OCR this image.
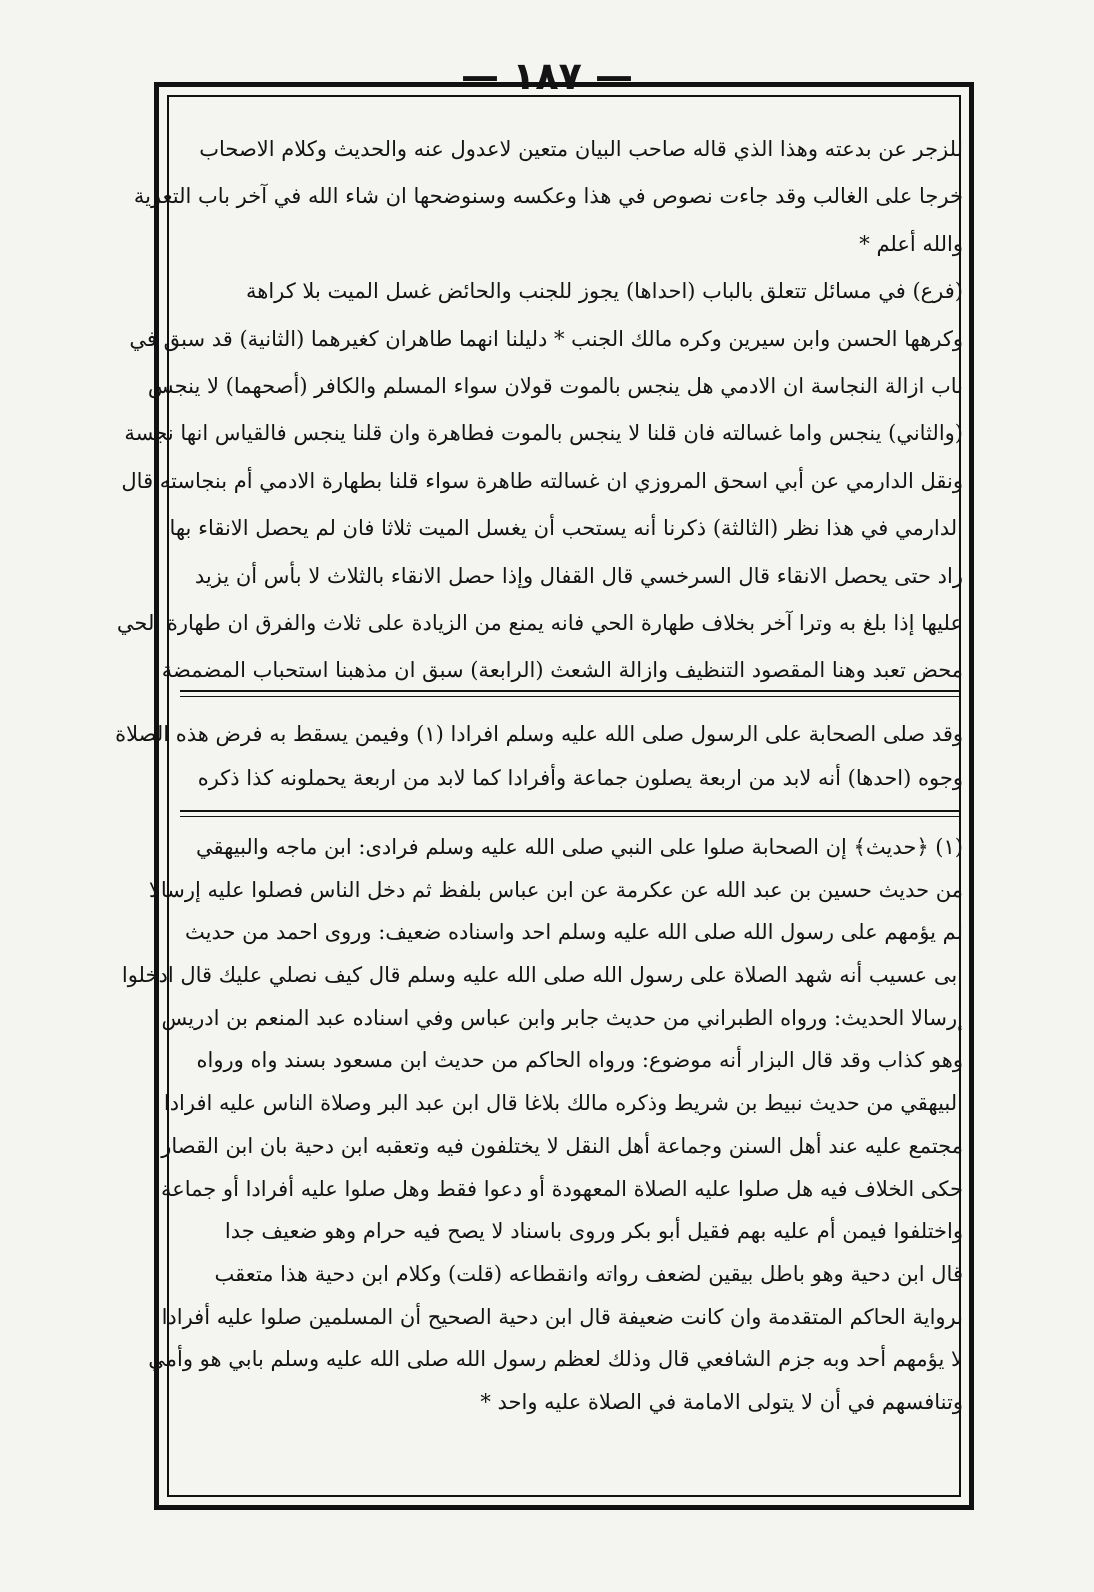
— ١٨٧ —

للزجر عن بدعته وهذا الذي قاله صاحب البيان متعين لاعدول عنه والحديث وكلام الاصحاب

خرجا على الغالب وقد جاءت نصوص في هذا وعكسه وسنوضحها ان شاء الله في آخر باب التعزية

والله أعلم *

(فرع) في مسائل تتعلق بالباب (احداها) يجوز للجنب والحائض غسل الميت بلا كراهة

وكرهها الحسن وابن سيرين وكره مالك الجنب * دليلنا انهما طاهران كغيرهما (الثانية) قد سبق في

باب ازالة النجاسة ان الادمي هل ينجس بالموت قولان سواء المسلم والكافر (أصحهما) لا ينجس

(والثاني) ينجس واما غسالته فان قلنا لا ينجس بالموت فطاهرة وان قلنا ينجس فالقياس انها نجسة

ونقل الدارمي عن أبي اسحق المروزي ان غسالته طاهرة سواء قلنا بطهارة الادمي أم بنجاسته قال

الدارمي في هذا نظر (الثالثة) ذكرنا أنه يستحب أن يغسل الميت ثلاثا فان لم يحصل الانقاء بها

زاد حتى يحصل الانقاء قال السرخسي قال القفال وإذا حصل الانقاء بالثلاث لا بأس أن يزيد

عليها إذا بلغ به وترا آخر بخلاف طهارة الحي فانه يمنع من الزيادة على ثلاث والفرق ان طهارة الحي

محض تعبد وهنا المقصود التنظيف وازالة الشعث (الرابعة) سبق ان مذهبنا استحباب المضمضة

وقد صلى الصحابة على الرسول صلى الله عليه وسلم افرادا (١) وفيمن يسقط به فرض هذه الصلاة

وجوه (احدها) أنه لابد من اربعة يصلون جماعة وأفرادا كما لابد من اربعة يحملونه كذا ذكره

(١) ﴿حديث﴾ إن الصحابة صلوا على النبي صلى الله عليه وسلم فرادى: ابن ماجه والبيهقي

من حديث حسين بن عبد الله عن عكرمة عن ابن عباس بلفظ ثم دخل الناس فصلوا عليه إرسالا

لم يؤمهم على رسول الله صلى الله عليه وسلم احد واسناده ضعيف: وروى احمد من حديث

ابى عسيب أنه شهد الصلاة على رسول الله صلى الله عليه وسلم قال كيف نصلي عليك قال ادخلوا

إرسالا الحديث: ورواه الطبراني من حديث جابر وابن عباس وفي اسناده عبد المنعم بن ادريس

وهو كذاب وقد قال البزار أنه موضوع: ورواه الحاكم من حديث ابن مسعود بسند واه ورواه

البيهقي من حديث نبيط بن شريط وذكره مالك بلاغا قال ابن عبد البر وصلاة الناس عليه افرادا

مجتمع عليه عند أهل السنن وجماعة أهل النقل لا يختلفون فيه وتعقبه ابن دحية بان ابن القصار

حكى الخلاف فيه هل صلوا عليه الصلاة المعهودة أو دعوا فقط وهل صلوا عليه أفرادا أو جماعة

واختلفوا فيمن أم عليه بهم فقيل أبو بكر وروى باسناد لا يصح فيه حرام وهو ضعيف جدا

قال ابن دحية وهو باطل بيقين لضعف رواته وانقطاعه (قلت) وكلام ابن دحية هذا متعقب

برواية الحاكم المتقدمة وان كانت ضعيفة قال ابن دحية الصحيح أن المسلمين صلوا عليه أفرادا

لا يؤمهم أحد وبه جزم الشافعي قال وذلك لعظم رسول الله صلى الله عليه وسلم بابي هو وأمي

وتنافسهم في أن لا يتولى الامامة في الصلاة عليه واحد *
